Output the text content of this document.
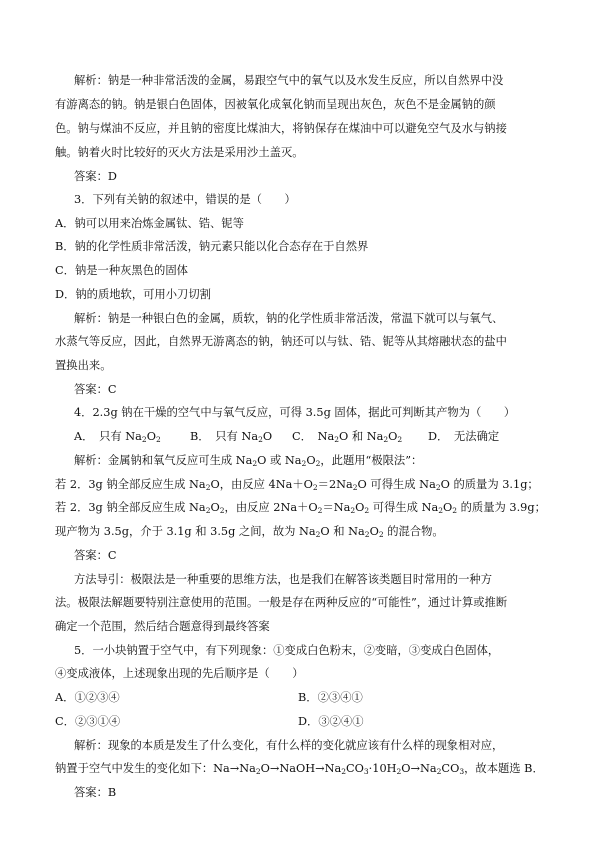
解析：钠是一种非常活泼的金属，易跟空气中的氧气以及水发生反应，所以自然界中没
有游离态的钠。钠是银白色固体，因被氧化成氧化钠而呈现出灰色，灰色不是金属钠的颜
色。钠与煤油不反应，并且钠的密度比煤油大，将钠保存在煤油中可以避免空气及水与钠接
触。钠着火时比较好的灭火方法是采用沙土盖灭。
答案：D
3．下列有关钠的叙述中，错误的是（　　）
A．钠可以用来冶炼金属钛、锆、铌等
B．钠的化学性质非常活泼，钠元素只能以化合态存在于自然界
C．钠是一种灰黑色的固体
D．钠的质地软，可用小刀切割
解析：钠是一种银白色的金属，质软，钠的化学性质非常活泼，常温下就可以与氧气、
水蒸气等反应，因此，自然界无游离态的钠，钠还可以与钛、锆、铌等从其熔融状态的盐中
置换出来。
答案：C
4．2.3g 钠在干燥的空气中与氧气反应，可得 3.5g 固体，据此可判断其产物为（　　）
A．　只有 $Na_2O_2$	B．　只有 $Na_2O$ C．　$Na_2O$ 和 $Na_2O_2$ D．　无法确定
解析：金属钠和氧气反应可生成 $Na_2O$ 或 $Na_2O_2$，此题用“极限法”：
若 2．3g 钠全部反应生成 $Na_2O$，由反应 $4Na+O_2=2Na_2O$ 可得生成 $Na_2O$ 的质量为 3.1g；
若 2．3g 钠全部反应生成 $Na_2O_2$，由反应 $2Na+O_2=Na_2O_2$ 可得生成 $Na_2O_2$ 的质量为 3.9g；
现产物为 3.5g，介于 3.1g 和 3.5g 之间，故为 $Na_2O$ 和 $Na_2O_2$ 的混合物。
答案：C
方法导引：极限法是一种重要的思维方法，也是我们在解答该类题目时常用的一种方
法。极限法解题要特别注意使用的范围。一般是存在两种反应的“可能性”，通过计算或推断
确定一个范围，然后结合题意得到最终答案
5．一小块钠置于空气中，有下列现象：①变成白色粉末，②变暗，③变成白色固体，
④变成液体，上述现象出现的先后顺序是（　　）
A．①②③④	B．②③④①
C．②③①④	D．③②④①
解析：现象的本质是发生了什么变化，有什么样的变化就应该有什么样的现象相对应，
钠置于空气中发生的变化如下：$Na\to Na_2O\to NaOH\to Na_2CO_3\cdot 10H_2O\to Na_2CO_3$，故本题选 B．
答案：B
